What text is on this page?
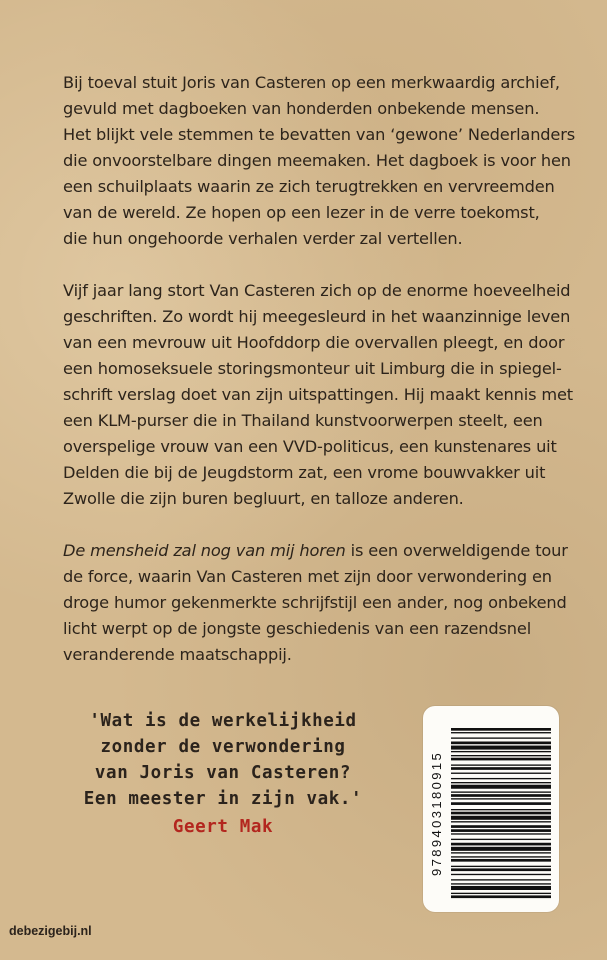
Bij toeval stuit Joris van Casteren op een merkwaardig archief,
gevuld met dagboeken van honderden onbekende mensen.
Het blijkt vele stemmen te bevatten van ‘gewone’ Nederlanders
die onvoorstelbare dingen meemaken. Het dagboek is voor hen
een schuilplaats waarin ze zich terugtrekken en vervreemden
van de wereld. Ze hopen op een lezer in de verre toekomst,
die hun ongehoorde verhalen verder zal vertellen.

Vijf jaar lang stort Van Casteren zich op de enorme hoeveelheid
geschriften. Zo wordt hij meegesleurd in het waanzinnige leven
van een mevrouw uit Hoofddorp die overvallen pleegt, en door
een homoseksuele storingsmonteur uit Limburg die in spiegel-
schrift verslag doet van zijn uitspattingen. Hij maakt kennis met
een KLM-purser die in Thailand kunstvoorwerpen steelt, een
overspelige vrouw van een VVD-politicus, een kunstenares uit
Delden die bij de Jeugdstorm zat, een vrome bouwvakker uit
Zwolle die zijn buren begluurt, en talloze anderen.

De mensheid zal nog van mij horen is een overweldigende tour
de force, waarin Van Casteren met zijn door verwondering en
droge humor gekenmerkte schrijfstijl een ander, nog onbekend
licht werpt op de jongste geschiedenis van een razendsnel
veranderende maatschappij.

'Wat is de werkelijkheid
zonder de verwondering
van Joris van Casteren?
Een meester in zijn vak.'
Geert Mak	9789403180915
debezigebij.nl
